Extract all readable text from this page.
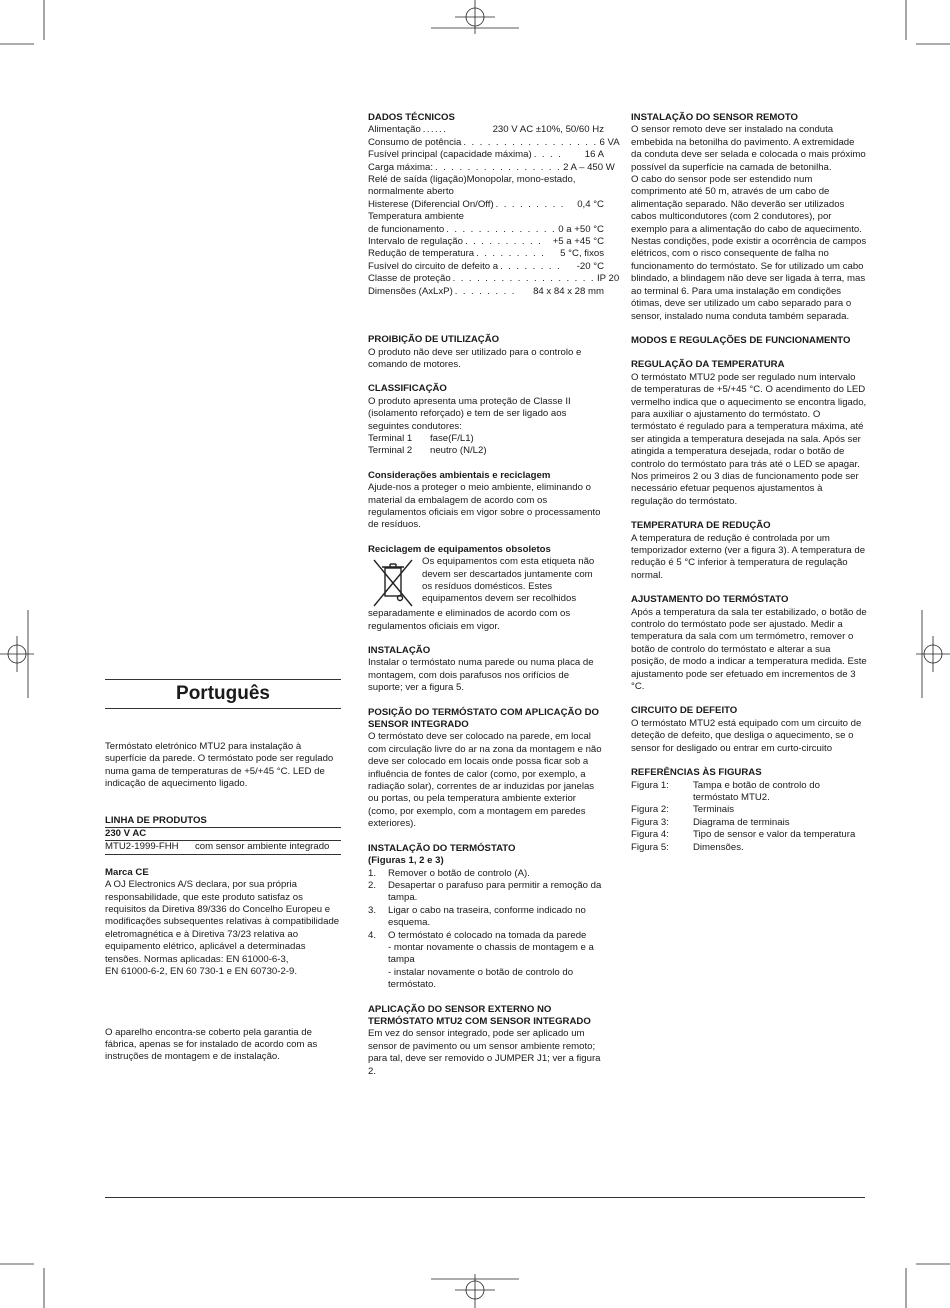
Português

Termóstato eletrónico MTU2 para instalação à superfície da parede. O termóstato pode ser regulado numa gama de temperaturas de +5/+45 °C. LED de indicação de aquecimento ligado.

LINHA DE PRODUTOS

230 V AC
MTU2-1999-FHH	com sensor ambiente integrado

Marca CE

A OJ Electronics A/S declara, por sua própria responsabilidade, que este produto satisfaz os requisitos da Diretiva 89/336 do Concelho Europeu e modificações subsequentes relativas à compatibilidade eletromagnética e à Diretiva 73/23 relativa ao equipamento elétrico, aplicável a determinadas tensões. Normas aplicadas: EN 61000-6-3,

EN 61000-6-2, EN 60 730-1 e EN 60730-2-9.

O aparelho encontra-se coberto pela garantia de fábrica, apenas se for instalado de acordo com as instruções de montagem e de instalação.

DADOS TÉCNICOS

Alimentação ......	230 V AC ±10%, 50/60 Hz
Consumo de potência . . . . . . . . . . . . . . . . . 6 VA
Fusível principal (capacidade máxima) . . . .	16 A
Carga máxima: . . . . . . . . . . . . . . . . 2 A – 450 W

Relé de saída (ligação)Monopolar, mono-estado, normalmente aberto

Histerese (Diferencial On/Off) . . . . . . . . .	0,4 °C

Temperatura ambiente

de funcionamento . . . . . . . . . . . . . . 0 a +50 °C
Intervalo de regulação . . . . . . . . . .	+5 a +45 °C
Redução de temperatura . . . . . . . . .	5 °C, fixos
Fusível do circuito de defeito a . . . . . . . .	-20 °C
Classe de proteção . . . . . . . . . . . . . . . . . . IP 20
Dimensões (AxLxP) . . . . . . . .	84 x 84 x 28 mm

PROIBIÇÃO DE UTILIZAÇÃO

O produto não deve ser utilizado para o controlo e comando de motores.

CLASSIFICAÇÃO

O produto apresenta uma proteção de Classe II (isolamento reforçado) e tem de ser ligado aos seguintes condutores:

Terminal 1	fase(F/L1)
Terminal 2	neutro (N/L2)

Considerações ambientais e reciclagem

Ajude-nos a proteger o meio ambiente, eliminando o material da embalagem de acordo com os regulamentos oficiais em vigor sobre o processamento de resíduos.

Reciclagem de equipamentos obsoletos

Os equipamentos com esta etiqueta não devem ser descartados juntamente com os resíduos domésticos. Estes equipamentos devem ser recolhidos

separadamente e eliminados de acordo com os regulamentos oficiais em vigor.

INSTALAÇÃO

Instalar o termóstato numa parede ou numa placa de montagem, com dois parafusos nos orifícios de suporte; ver a figura 5.

POSIÇÃO DO TERMÓSTATO COM APLICAÇÃO DO SENSOR INTEGRADO

O termóstato deve ser colocado na parede, em local com circulação livre do ar na zona da montagem e não deve ser colocado em locais onde possa ficar sob a influência de fontes de calor (como, por exemplo, a radiação solar), correntes de ar induzidas por janelas ou portas, ou pela temperatura ambiente exterior (como, por exemplo, com a montagem em paredes exteriores).

INSTALAÇÃO DO TERMÓSTATO

(Figuras 1, 2 e 3)

1.	Remover o botão de controlo (A).
2.	Desapertar o parafuso para permitir a remoção da tampa.
3.	Ligar o cabo na traseira, conforme indicado no esquema.
4.	O termóstato é colocado na tomada da parede

- montar novamente o chassis de montagem e a tampa

- instalar novamente o botão de controlo do termóstato.

APLICAÇÃO DO SENSOR EXTERNO NO TERMÓSTATO MTU2 COM SENSOR INTEGRADO

Em vez do sensor integrado, pode ser aplicado um sensor de pavimento ou um sensor ambiente remoto; para tal, deve ser removido o JUMPER J1; ver a figura 2.

INSTALAÇÃO DO SENSOR REMOTO

O sensor remoto deve ser instalado na conduta embebida na betonilha do pavimento. A extremidade da conduta deve ser selada e colocada o mais próximo possível da superfície na camada de betonilha.

O cabo do sensor pode ser estendido num comprimento até 50 m, através de um cabo de alimentação separado. Não deverão ser utilizados cabos multicondutores (com 2 condutores), por exemplo para a alimentação do cabo de aquecimento. Nestas condições, pode existir a ocorrência de campos elétricos, com o risco consequente de falha no funcionamento do termóstato. Se for utilizado um cabo blindado, a blindagem não deve ser ligada à terra, mas ao terminal 6. Para uma instalação em condições ótimas, deve ser utilizado um cabo separado para o sensor, instalado numa conduta também separada.

MODOS E REGULAÇÕES DE FUNCIONAMENTO

REGULAÇÃO DA TEMPERATURA

O termóstato MTU2 pode ser regulado num intervalo de temperaturas de +5/+45 °C. O acendimento do LED vermelho indica que o aquecimento se encontra ligado, para auxiliar o ajustamento do termóstato. O termóstato é regulado para a temperatura máxima, até ser atingida a temperatura desejada na sala. Após ser atingida a temperatura desejada, rodar o botão de controlo do termóstato para trás até o LED se apagar. Nos primeiros 2 ou 3 dias de funcionamento pode ser necessário efetuar pequenos ajustamentos à regulação do termóstato.

TEMPERATURA DE REDUÇÃO

A temperatura de redução é controlada por um temporizador externo (ver a figura 3). A temperatura de redução é 5 °C inferior à temperatura de regulação normal.

AJUSTAMENTO DO TERMÓSTATO

Após a temperatura da sala ter estabilizado, o botão de controlo do termóstato pode ser ajustado. Medir a temperatura da sala com um termómetro, remover o botão de controlo do termóstato e alterar a sua posição, de modo a indicar a temperatura medida. Este ajustamento pode ser efetuado em incrementos de 3 °C.

CIRCUITO DE DEFEITO

O termóstato MTU2 está equipado com um circuito de deteção de defeito, que desliga o aquecimento, se o sensor for desligado ou entrar em curto-circuito

REFERÊNCIAS ÀS FIGURAS

Figura 1:	Tampa e botão de controlo do termóstato MTU2.
Figura 2:	Terminais
Figura 3:	Diagrama de terminais
Figura 4:	Tipo de sensor e valor da temperatura
Figura 5:	Dimensões.
